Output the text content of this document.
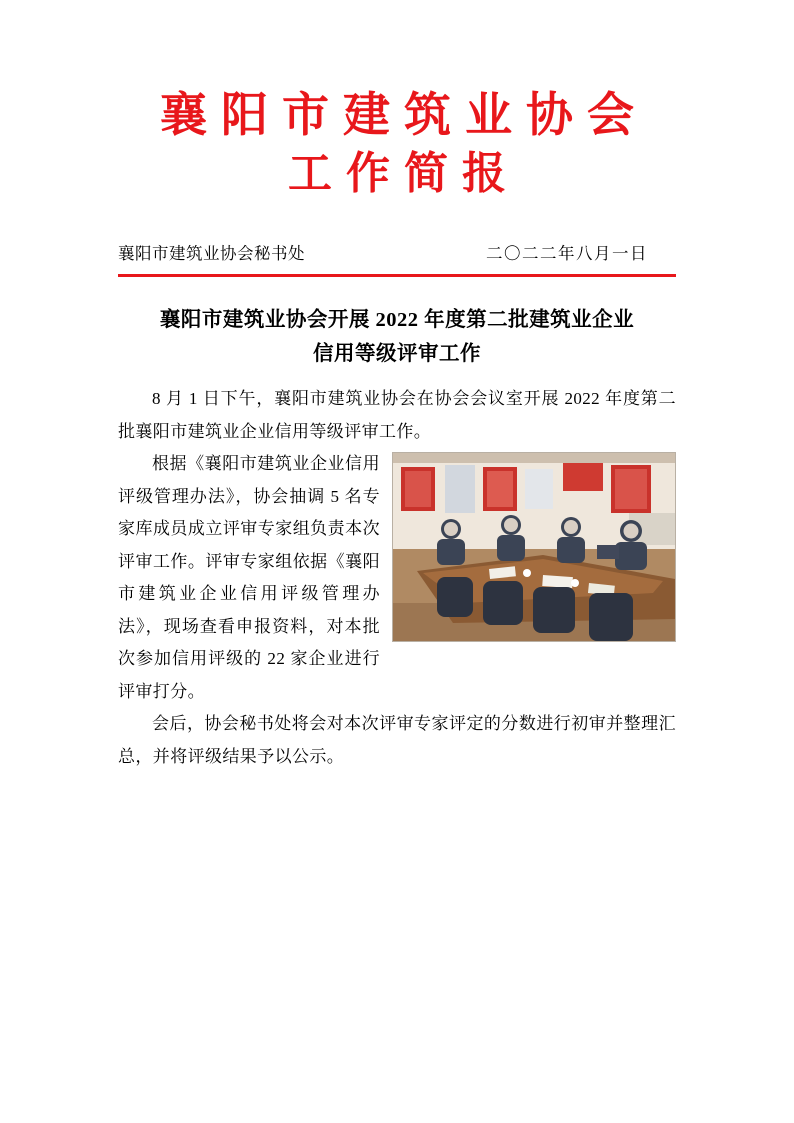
襄阳市建筑业协会
工作简报
襄阳市建筑业协会秘书处	二〇二二年八月一日
襄阳市建筑业协会开展 2022 年度第二批建筑业企业
信用等级评审工作

8 月 1 日下午，襄阳市建筑业协会在协会会议室开展 2022 年度第二批襄阳市建筑业企业信用等级评审工作。

根据《襄阳市建筑业企业信用评级管理办法》，协会抽调 5 名专家库成员成立评审专家组负责本次评审工作。评审专家组依据《襄阳市建筑业企业信用评级管理办法》，现场查看申报资料，对本批次参加信用评级的 22 家企业进行评审打分。

会后，协会秘书处将会对本次评审专家评定的分数进行初审并整理汇总，并将评级结果予以公示。
